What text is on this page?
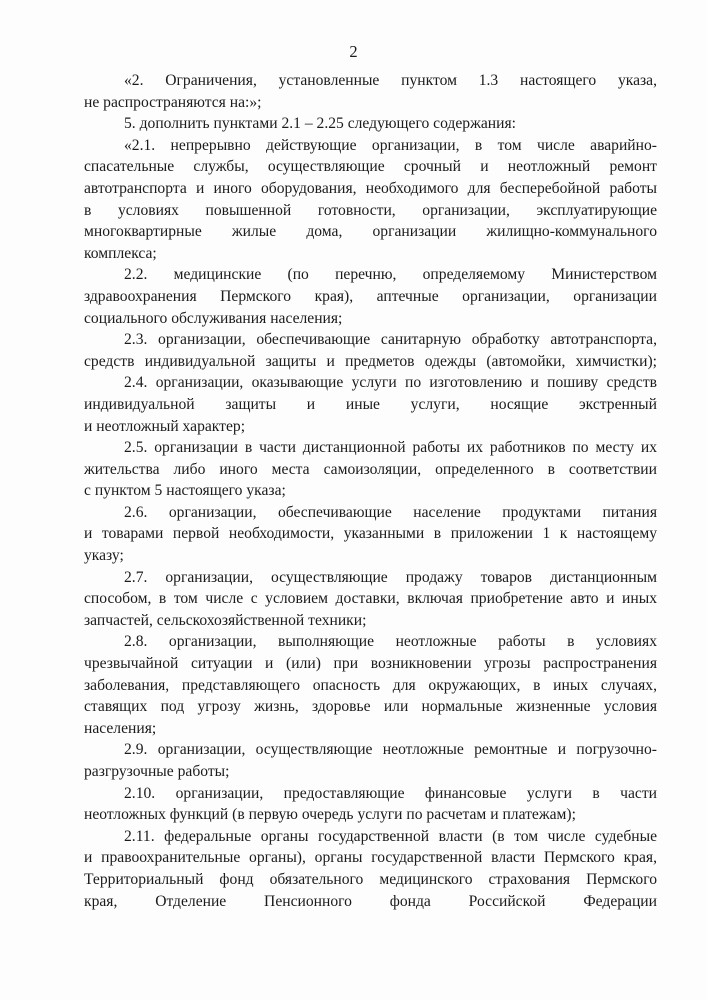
2
«2. Ограничения, установленные пунктом 1.3 настоящего указа,
не распространяются на:»;
5. дополнить пунктами 2.1 – 2.25 следующего содержания:
«2.1. непрерывно действующие организации, в том числе аварийно-
спасательные службы, осуществляющие срочный и неотложный ремонт
автотранспорта и иного оборудования, необходимого для бесперебойной работы
в условиях повышенной готовности, организации, эксплуатирующие
многоквартирные жилые дома, организации жилищно-коммунального
комплекса;
2.2. медицинские (по перечню, определяемому Министерством
здравоохранения Пермского края), аптечные организации, организации
социального обслуживания населения;
2.3. организации, обеспечивающие санитарную обработку автотранспорта,
средств индивидуальной защиты и предметов одежды (автомойки, химчистки);
2.4. организации, оказывающие услуги по изготовлению и пошиву средств
индивидуальной защиты и иные услуги, носящие экстренный
и неотложный характер;
2.5. организации в части дистанционной работы их работников по месту их
жительства либо иного места самоизоляции, определенного в соответствии
с пунктом 5 настоящего указа;
2.6. организации, обеспечивающие население продуктами питания
и товарами первой необходимости, указанными в приложении 1 к настоящему
указу;
2.7. организации, осуществляющие продажу товаров дистанционным
способом, в том числе с условием доставки, включая приобретение авто и иных
запчастей, сельскохозяйственной техники;
2.8. организации, выполняющие неотложные работы в условиях
чрезвычайной ситуации и (или) при возникновении угрозы распространения
заболевания, представляющего опасность для окружающих, в иных случаях,
ставящих под угрозу жизнь, здоровье или нормальные жизненные условия
населения;
2.9. организации, осуществляющие неотложные ремонтные и погрузочно-
разгрузочные работы;
2.10. организации, предоставляющие финансовые услуги в части
неотложных функций (в первую очередь услуги по расчетам и платежам);
2.11. федеральные органы государственной власти (в том числе судебные
и правоохранительные органы), органы государственной власти Пермского края,
Территориальный фонд обязательного медицинского страхования Пермского
края, Отделение Пенсионного фонда Российской Федерации
